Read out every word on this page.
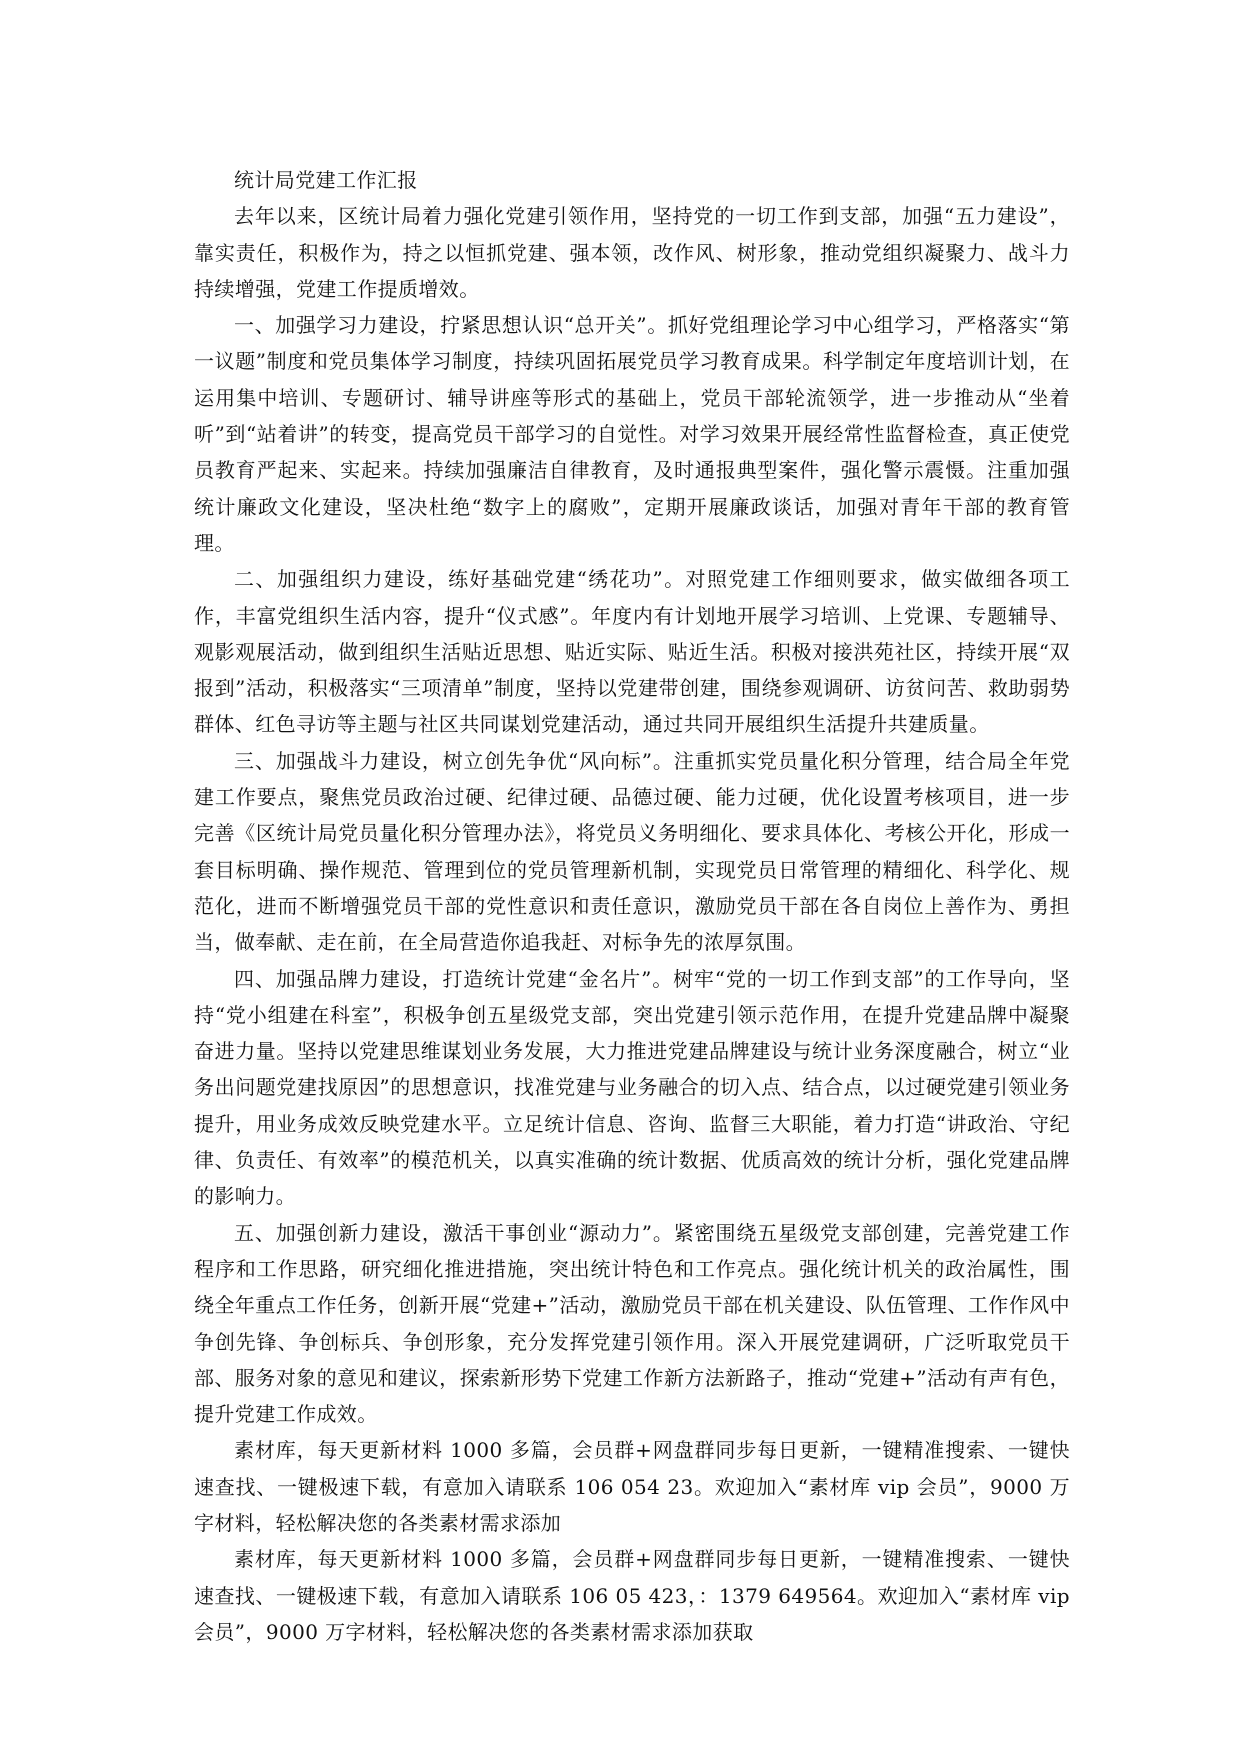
统计局党建工作汇报

去年以来，区统计局着力强化党建引领作用，坚持党的一切工作到支部，加强“五力建设”，靠实责任，积极作为，持之以恒抓党建、强本领，改作风、树形象，推动党组织凝聚力、战斗力持续增强，党建工作提质增效。

一、加强学习力建设，拧紧思想认识“总开关”。抓好党组理论学习中心组学习，严格落实“第一议题”制度和党员集体学习制度，持续巩固拓展党员学习教育成果。科学制定年度培训计划，在运用集中培训、专题研讨、辅导讲座等形式的基础上，党员干部轮流领学，进一步推动从“坐着听”到“站着讲”的转变，提高党员干部学习的自觉性。对学习效果开展经常性监督检查，真正使党员教育严起来、实起来。持续加强廉洁自律教育，及时通报典型案件，强化警示震慑。注重加强统计廉政文化建设，坚决杜绝“数字上的腐败”，定期开展廉政谈话，加强对青年干部的教育管理。

二、加强组织力建设，练好基础党建“绣花功”。对照党建工作细则要求，做实做细各项工作，丰富党组织生活内容，提升“仪式感”。年度内有计划地开展学习培训、上党课、专题辅导、观影观展活动，做到组织生活贴近思想、贴近实际、贴近生活。积极对接洪苑社区，持续开展“双报到”活动，积极落实“三项清单”制度，坚持以党建带创建，围绕参观调研、访贫问苦、救助弱势群体、红色寻访等主题与社区共同谋划党建活动，通过共同开展组织生活提升共建质量。

三、加强战斗力建设，树立创先争优“风向标”。注重抓实党员量化积分管理，结合局全年党建工作要点，聚焦党员政治过硬、纪律过硬、品德过硬、能力过硬，优化设置考核项目，进一步完善《区统计局党员量化积分管理办法》，将党员义务明细化、要求具体化、考核公开化，形成一套目标明确、操作规范、管理到位的党员管理新机制，实现党员日常管理的精细化、科学化、规范化，进而不断增强党员干部的党性意识和责任意识，激励党员干部在各自岗位上善作为、勇担当，做奉献、走在前，在全局营造你追我赶、对标争先的浓厚氛围。

四、加强品牌力建设，打造统计党建“金名片”。树牢“党的一切工作到支部”的工作导向，坚持“党小组建在科室”，积极争创五星级党支部，突出党建引领示范作用，在提升党建品牌中凝聚奋进力量。坚持以党建思维谋划业务发展，大力推进党建品牌建设与统计业务深度融合，树立“业务出问题党建找原因”的思想意识，找准党建与业务融合的切入点、结合点，以过硬党建引领业务提升，用业务成效反映党建水平。立足统计信息、咨询、监督三大职能，着力打造“讲政治、守纪律、负责任、有效率”的模范机关，以真实准确的统计数据、优质高效的统计分析，强化党建品牌的影响力。

五、加强创新力建设，激活干事创业“源动力”。紧密围绕五星级党支部创建，完善党建工作程序和工作思路，研究细化推进措施，突出统计特色和工作亮点。强化统计机关的政治属性，围绕全年重点工作任务，创新开展“党建+”活动，激励党员干部在机关建设、队伍管理、工作作风中争创先锋、争创标兵、争创形象，充分发挥党建引领作用。深入开展党建调研，广泛听取党员干部、服务对象的意见和建议，探索新形势下党建工作新方法新路子，推动“党建+”活动有声有色，提升党建工作成效。

素材库，每天更新材料 1000 多篇，会员群+网盘群同步每日更新，一键精准搜索、一键快速查找、一键极速下载，有意加入请联系 106 054 23。欢迎加入“素材库 vip 会员”，9000 万字材料，轻松解决您的各类素材需求添加

素材库，每天更新材料 1000 多篇，会员群+网盘群同步每日更新，一键精准搜索、一键快速查找、一键极速下载，有意加入请联系 106 05 423，：1379 649564。欢迎加入“素材库 vip 会员”，9000 万字材料，轻松解决您的各类素材需求添加获取
